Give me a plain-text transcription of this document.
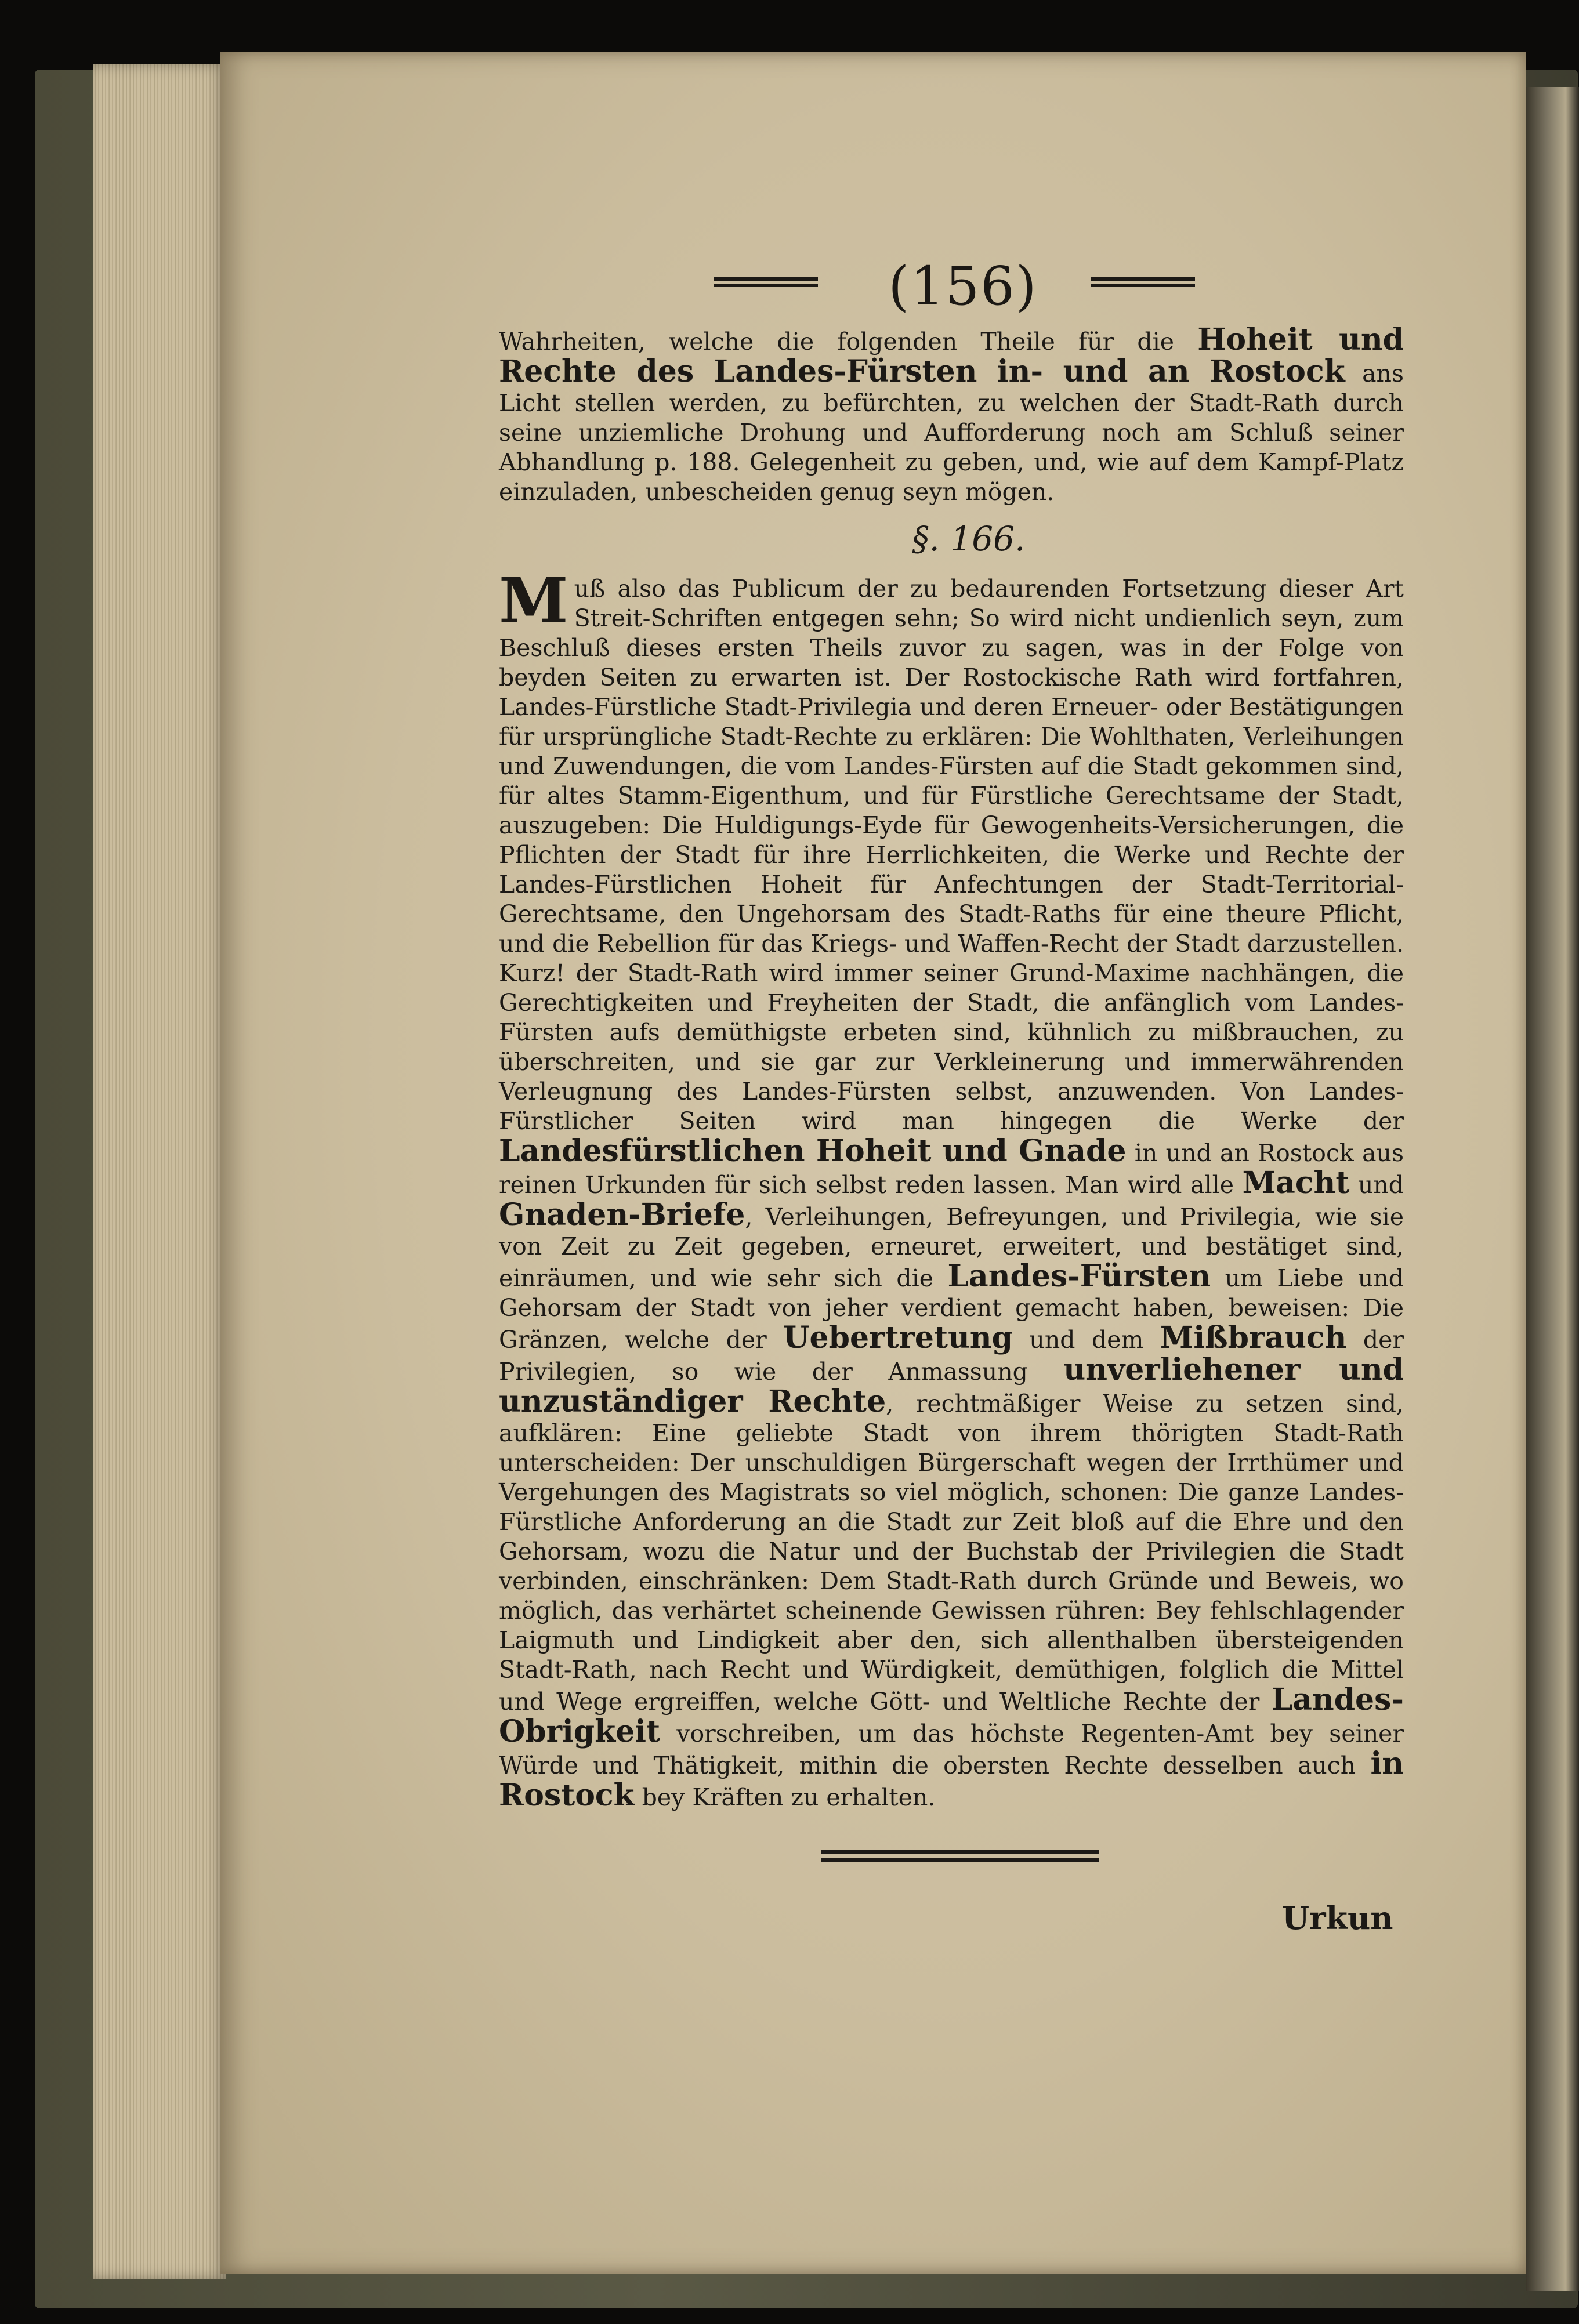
(156)
Wahrheiten, welche die folgenden Theile für die Hoheit und Rechte des Landes-Fürsten in- und an Rostock ans Licht stellen werden, zu befürchten, zu welchen der Stadt-Rath durch seine unziemliche Drohung und Aufforderung noch am Schluß seiner Abhandlung p. 188. Gelegenheit zu geben, und, wie auf dem Kampf-Platz einzuladen, unbescheiden genug seyn mögen.
§. 166.
Muß also das Publicum der zu bedaurenden Fortsetzung dieser Art Streit-Schriften entgegen sehn; So wird nicht undienlich seyn, zum Beschluß dieses ersten Theils zuvor zu sagen, was in der Folge von beyden Seiten zu erwarten ist. Der Rostockische Rath wird fortfahren, Landes-Fürstliche Stadt-Privilegia und deren Erneuer- oder Bestätigungen für ursprüngliche Stadt-Rechte zu erklären: Die Wohlthaten, Verleihungen und Zuwendungen, die vom Landes-Fürsten auf die Stadt gekommen sind, für altes Stamm-Eigenthum, und für Fürstliche Gerechtsame der Stadt, auszugeben: Die Huldigungs-Eyde für Gewogenheits-Versicherungen, die Pflichten der Stadt für ihre Herrlichkeiten, die Werke und Rechte der Landes-Fürstlichen Hoheit für Anfechtungen der Stadt-Territorial-Gerechtsame, den Ungehorsam des Stadt-Raths für eine theure Pflicht, und die Rebellion für das Kriegs- und Waffen-Recht der Stadt darzustellen. Kurz! der Stadt-Rath wird immer seiner Grund-Maxime nachhängen, die Gerechtigkeiten und Freyheiten der Stadt, die anfänglich vom Landes-Fürsten aufs demüthigste erbeten sind, kühnlich zu mißbrauchen, zu überschreiten, und sie gar zur Verkleinerung und immerwährenden Verleugnung des Landes-Fürsten selbst, anzuwenden. Von Landes-Fürstlicher Seiten wird man hingegen die Werke der Landesfürstlichen Hoheit und Gnade in und an Rostock aus reinen Urkunden für sich selbst reden lassen. Man wird alle Macht und Gnaden-Briefe, Verleihungen, Befreyungen, und Privilegia, wie sie von Zeit zu Zeit gegeben, erneuret, erweitert, und bestätiget sind, einräumen, und wie sehr sich die Landes-Fürsten um Liebe und Gehorsam der Stadt von jeher verdient gemacht haben, beweisen: Die Gränzen, welche der Uebertretung und dem Mißbrauch der Privilegien, so wie der Anmassung unverliehener und unzuständiger Rechte, rechtmäßiger Weise zu setzen sind, aufklären: Eine geliebte Stadt von ihrem thörigten Stadt-Rath unterscheiden: Der unschuldigen Bürgerschaft wegen der Irrthümer und Vergehungen des Magistrats so viel möglich, schonen: Die ganze Landes-Fürstliche Anforderung an die Stadt zur Zeit bloß auf die Ehre und den Gehorsam, wozu die Natur und der Buchstab der Privilegien die Stadt verbinden, einschränken: Dem Stadt-Rath durch Gründe und Beweis, wo möglich, das verhärtet scheinende Gewissen rühren: Bey fehlschlagender Laigmuth und Lindigkeit aber den, sich allenthalben übersteigenden Stadt-Rath, nach Recht und Würdigkeit, demüthigen, folglich die Mittel und Wege ergreiffen, welche Gött- und Weltliche Rechte der Landes-Obrigkeit vorschreiben, um das höchste Regenten-Amt bey seiner Würde und Thätigkeit, mithin die obersten Rechte desselben auch in Rostock bey Kräften zu erhalten.
Urkun
